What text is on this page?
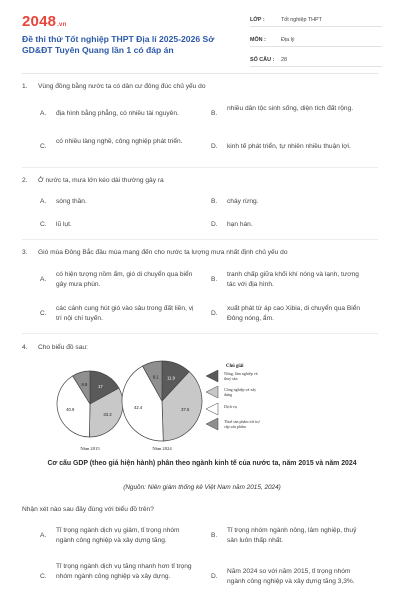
2048.vn
Đề thi thử Tốt nghiệp THPT Địa lí 2025-2026 Sở GD&ĐT Tuyên Quang lần 1 có đáp án
LỚP :	Tốt nghiệp THPT
MÔN :	Địa lý
SỐ CÂU :	28
1. Vùng đồng bằng nước ta có dân cư đông đúc chủ yếu do
A.	địa hình bằng phẳng, có nhiều tài nguyên.	B.
nhiều dân tộc sinh sống, diện tích đất rộng.
C.
có nhiều làng nghề, công nghiệp phát triển.
D.	kinh tế phát triển, tự nhiên nhiều thuận lợi.
2. Ở nước ta, mưa lớn kéo dài thường gây ra
A.	sóng thần.	B.	cháy rừng.
C.	lũ lụt.	D.	hạn hán.
3. Gió mùa Đông Bắc đầu mùa mang đến cho nước ta lượng mưa nhất định chủ yếu do
A.
có hiện tượng nồm ẩm, gió di chuyển qua biển gây mưa phùn.
B.
tranh chấp giữa khối khí nóng và lạnh, tương tác với địa hình.
C.
các cánh cung hút gió vào sâu trong đất liền, vị trí nội chí tuyến.
D.
xuất phát từ áp cao Xibia, di chuyển qua Biển Đông nóng, ẩm.
4. Cho biểu đồ sau:
17
33.3
40.9
8.8
Năm 2015
11.9
37.6
42.4
8.1
Năm 2024
Chú giải
Nông, lâm nghiệp và thuỷ sản
Công nghiệp và xây dựng
Dịch vụ
Thuế sản phẩm trừ trợ cấp sản phẩm
Cơ cấu GDP (theo giá hiện hành) phân theo ngành kinh tế của nước ta, năm 2015 và năm 2024
(Nguồn: Niên giám thống kê Việt Nam năm 2015, 2024)
Nhận xét nào sau đây đúng với biểu đồ trên?
A.
Tỉ trọng ngành dịch vụ giảm, tỉ trọng nhóm ngành công nghiệp và xây dựng tăng.
B.
Tỉ trọng nhóm ngành nông, lâm nghiệp, thuỷ sản luôn thấp nhất.
C.
Tỉ trọng ngành dịch vụ tăng nhanh hơn tỉ trọng nhóm ngành công nghiệp và xây dựng.	D.
Năm 2024 so với năm 2015, tỉ trọng nhóm ngành công nghiệp và xây dựng tăng 3,3%.
